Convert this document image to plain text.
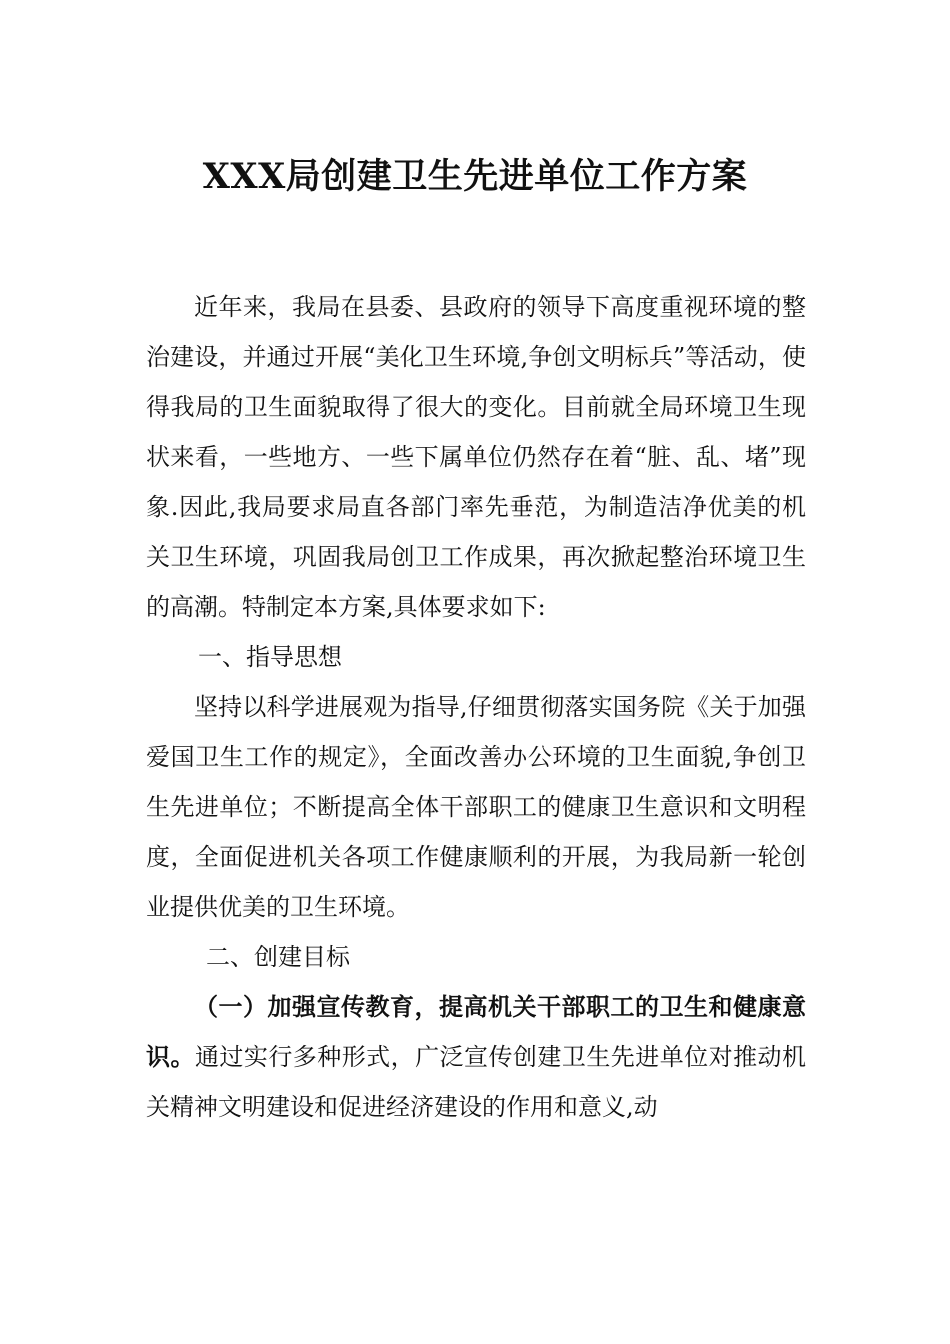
XXX局创建卫生先进单位工作方案

近年来，我局在县委、县政府的领导下高度重视环境的整治建设，并通过开展“美化卫生环境,争创文明标兵”等活动，使得我局的卫生面貌取得了很大的变化。目前就全局环境卫生现状来看，一些地方、一些下属单位仍然存在着“脏、乱、堵”现象.因此,我局要求局直各部门率先垂范，为制造洁净优美的机关卫生环境，巩固我局创卫工作成果，再次掀起整治环境卫生的高潮。特制定本方案,具体要求如下:

一、指导思想

坚持以科学进展观为指导,仔细贯彻落实国务院《关于加强爱国卫生工作的规定》，全面改善办公环境的卫生面貌,争创卫生先进单位；不断提高全体干部职工的健康卫生意识和文明程度，全面促进机关各项工作健康顺利的开展，为我局新一轮创业提供优美的卫生环境。

二、创建目标

（一）加强宣传教育，提高机关干部职工的卫生和健康意识。通过实行多种形式，广泛宣传创建卫生先进单位对推动机关精神文明建设和促进经济建设的作用和意义,动
